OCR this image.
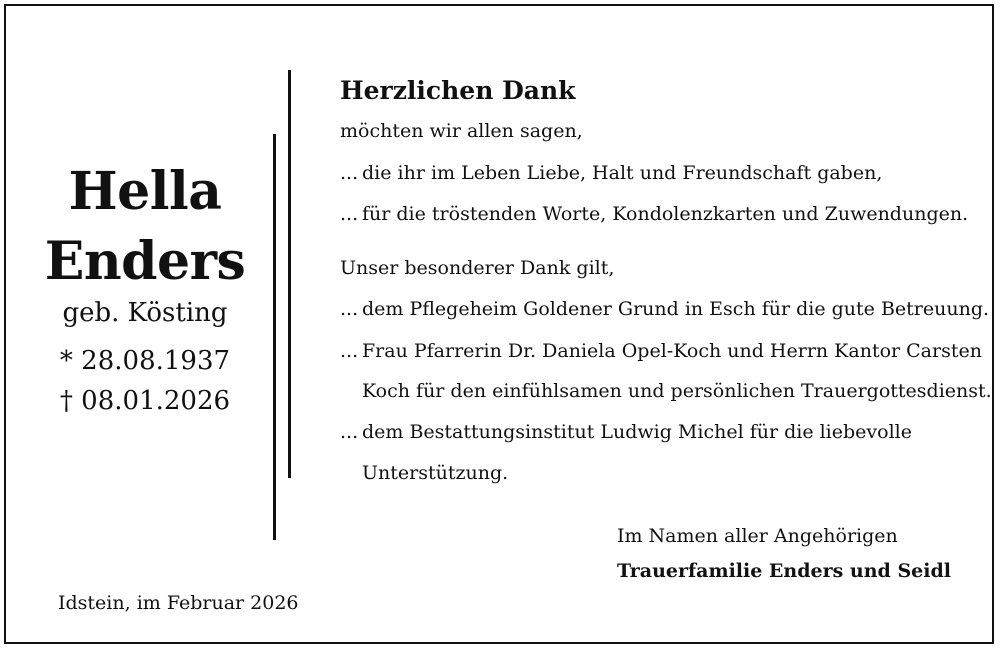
Hella
Enders
geb. Kösting
* 28.08.1937
† 08.01.2026
Idstein, im Februar 2026
Herzlichen Dank
möchten wir allen sagen,
... die ihr im Leben Liebe, Halt und Freundschaft gaben,
... für die tröstenden Worte, Kondolenzkarten und Zuwendungen.
Unser besonderer Dank gilt,
... dem Pflegeheim Goldener Grund in Esch für die gute Betreuung.
... Frau Pfarrerin Dr. Daniela Opel-Koch und Herrn Kantor Carsten
Koch für den einfühlsamen und persönlichen Trauergottesdienst.
... dem Bestattungsinstitut Ludwig Michel für die liebevolle
Unterstützung.
Im Namen aller Angehörigen
Trauerfamilie Enders und Seidl
